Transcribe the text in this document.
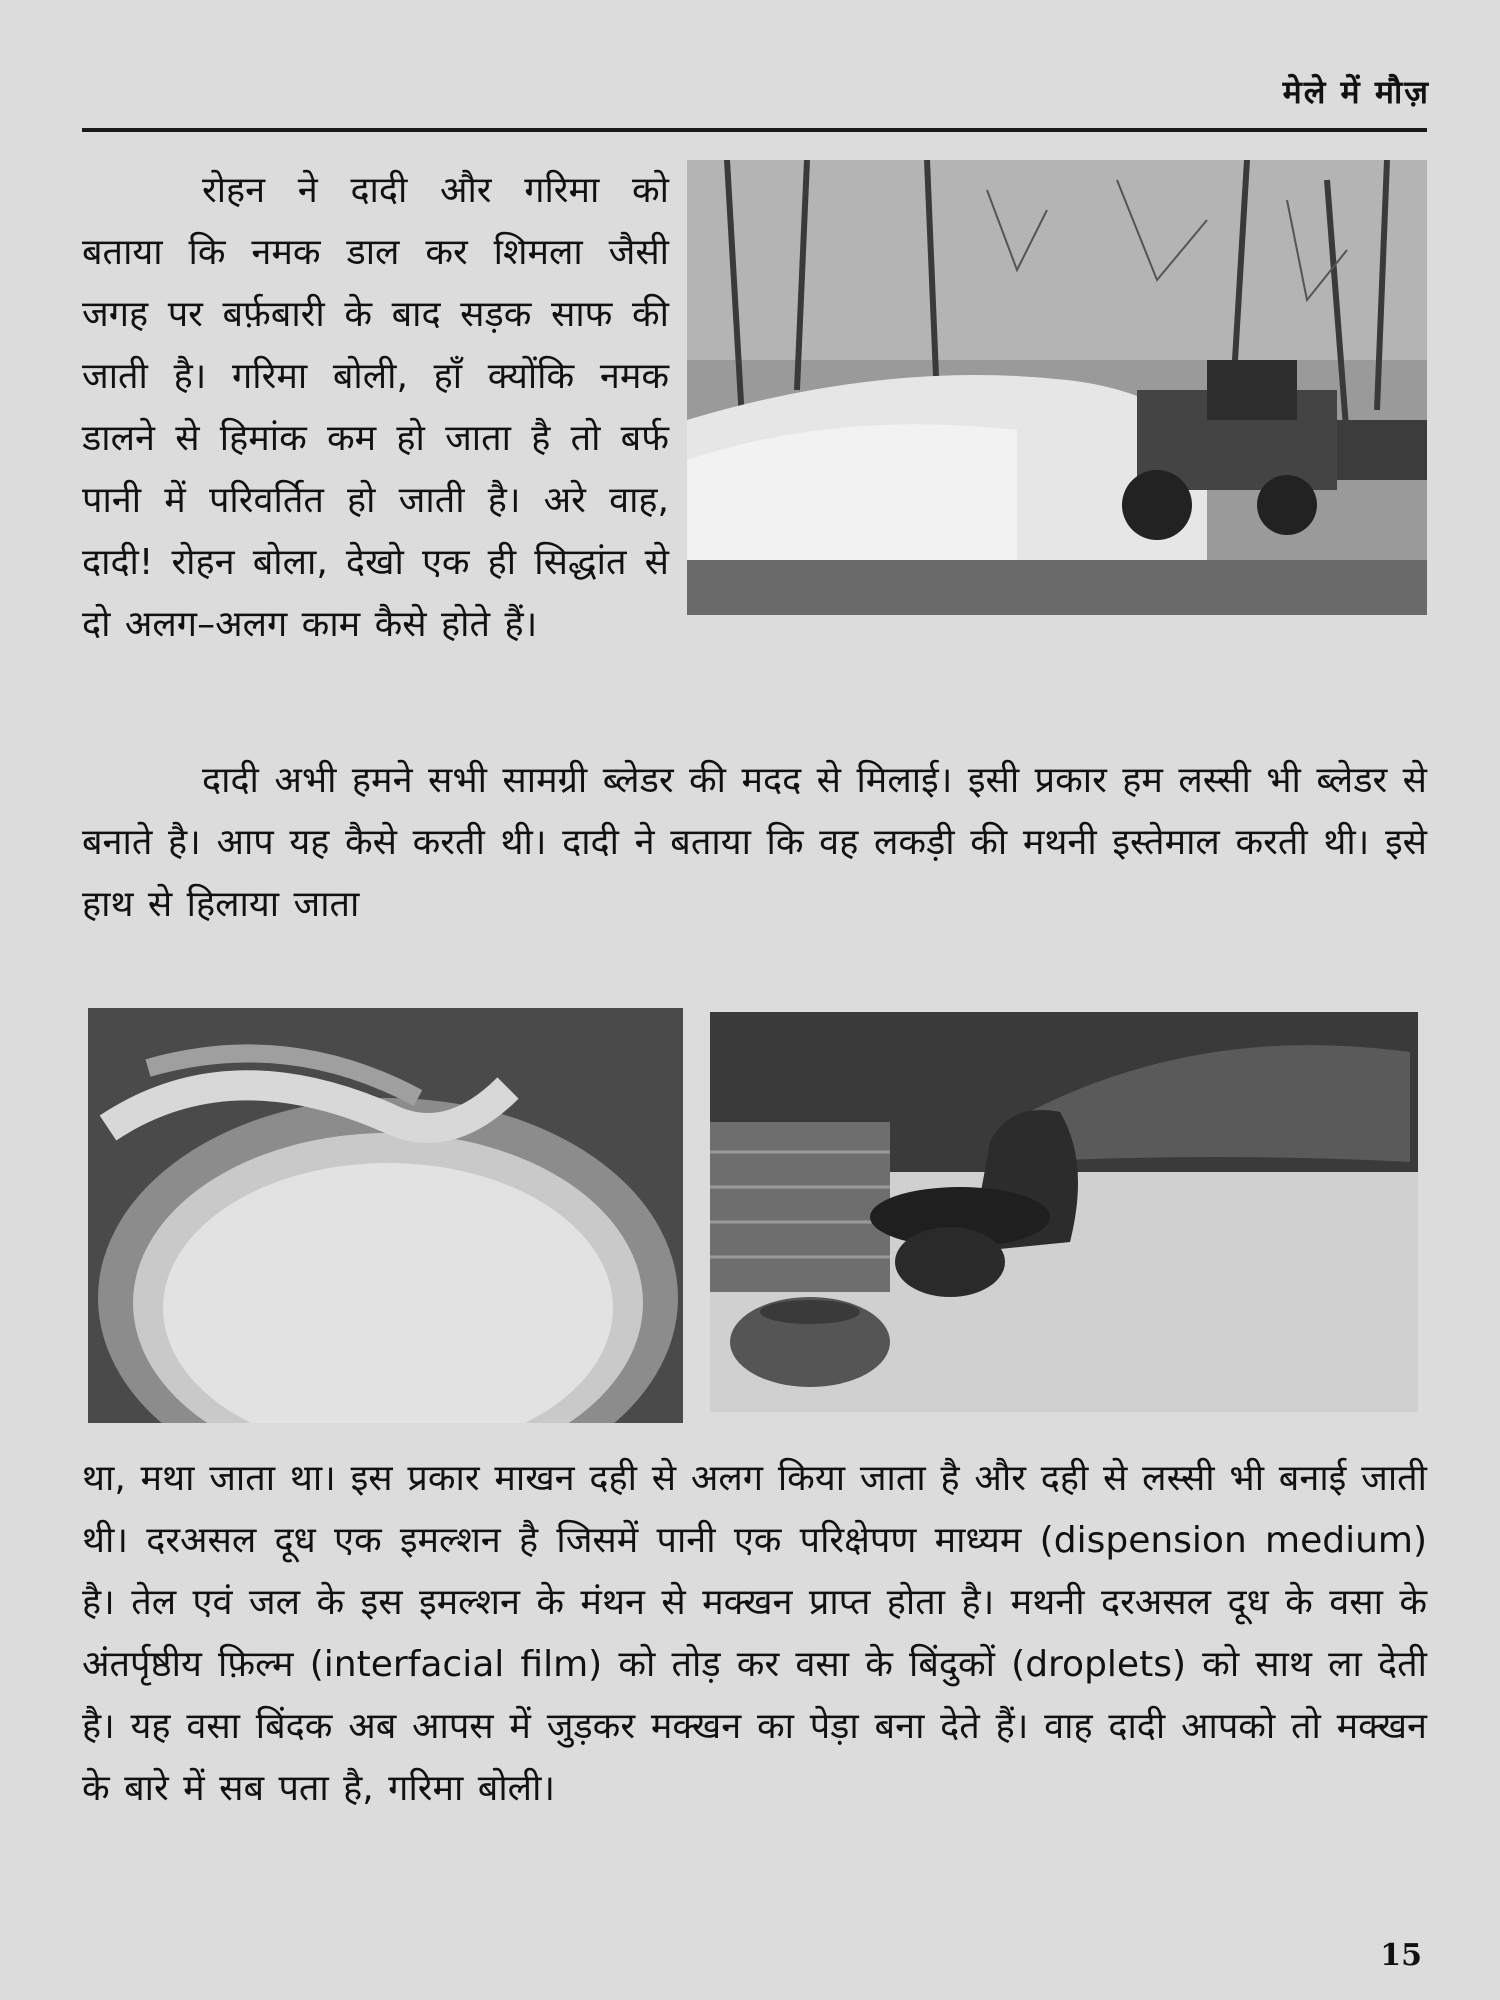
मेले में मौज़
रोहन ने दादी और गरिमा को बताया कि नमक डाल कर शिमला जैसी जगह पर बर्फ़बारी के बाद सड़क साफ की जाती है। गरिमा बोली, हाँ क्योंकि नमक डालने से हिमांक कम हो जाता है तो बर्फ पानी में परिवर्तित हो जाती है। अरे वाह, दादी! रोहन बोला, देखो एक ही सिद्धांत से दो अलग–अलग काम कैसे होते हैं।

दादी अभी हमने सभी सामग्री ब्लेडर की मदद से मिलाई। इसी प्रकार हम लस्सी भी ब्लेडर से बनाते है। आप यह कैसे करती थी। दादी ने बताया कि वह लकड़ी की मथनी इस्तेमाल करती थी। इसे हाथ से हिलाया जाता

था, मथा जाता था। इस प्रकार माखन दही से अलग किया जाता है और दही से लस्सी भी बनाई जाती थी। दरअसल दूध एक इमल्शन है जिसमें पानी एक परिक्षेपण माध्यम (dispension medium) है। तेल एवं जल के इस इमल्शन के मंथन से मक्खन प्राप्त होता है। मथनी दरअसल दूध के वसा के अंतर्पृष्ठीय फ़िल्म (interfacial film) को तोड़ कर वसा के बिंदुकों (droplets) को साथ ला देती है। यह वसा बिंदक अब आपस में जुड़कर मक्खन का पेड़ा बना देते हैं। वाह दादी आपको तो मक्खन के बारे में सब पता है, गरिमा बोली।

15
